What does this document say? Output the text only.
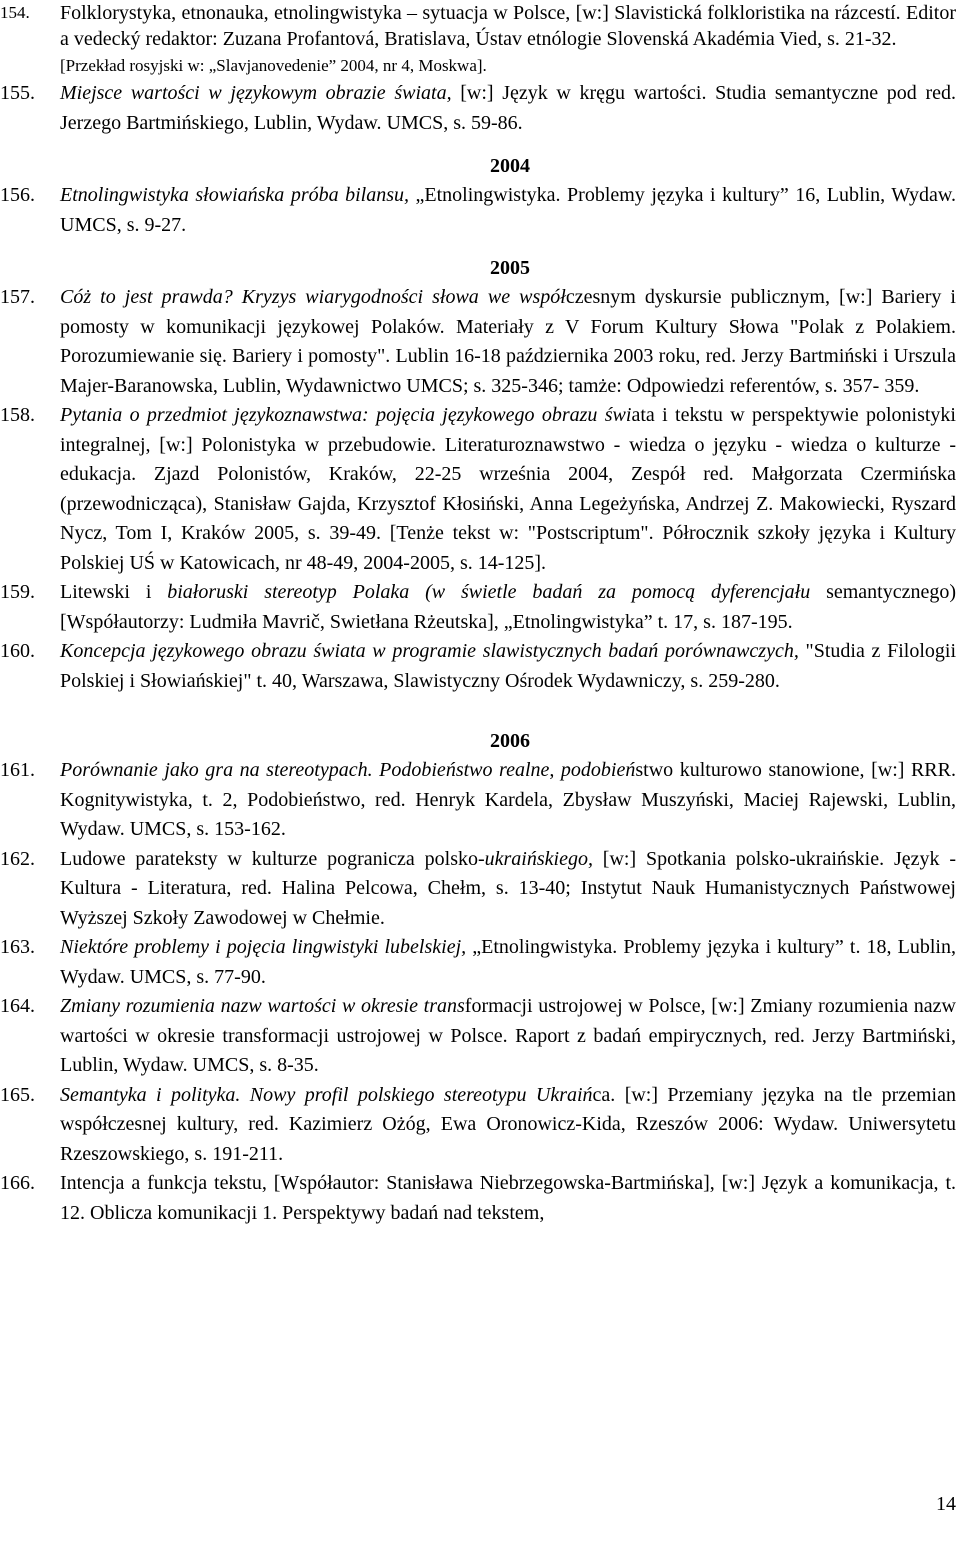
154.	Folklorystyka, etnonauka, etnolingwistyka – sytuacja w Polsce, [w:] Slavistická folkloristika na rázcestí. Editor a vedecký redaktor: Zuzana Profantová, Bratislava, Ústav etnólogie Slovenská Akadémia Vied, s. 21-32.
[Przekład rosyjski w: „Slavjanovedenie” 2004, nr 4, Moskwa].
155.	Miejsce wartości w językowym obrazie świata, [w:] Język w kręgu wartości. Studia semantyczne pod red. Jerzego Bartmińskiego, Lublin, Wydaw. UMCS, s. 59-86.
2004
156.	Etnolingwistyka słowiańska próba bilansu, „Etnolingwistyka. Problemy języka i kultury” 16, Lublin, Wydaw. UMCS, s. 9-27.
2005
157.	Cóż to jest prawda? Kryzys wiarygodności słowa we współczesnym dyskursie publicznym, [w:] Bariery i pomosty w komunikacji językowej Polaków. Materiały z V Forum Kultury Słowa "Polak z Polakiem. Porozumiewanie się. Bariery i pomosty". Lublin 16-18 października 2003 roku, red. Jerzy Bartmiński i Urszula Majer-Baranowska, Lublin, Wydawnictwo UMCS; s. 325-346; tamże: Odpowiedzi referentów, s. 357- 359.
158.	Pytania o przedmiot językoznawstwa: pojęcia językowego obrazu świata i tekstu w perspektywie polonistyki integralnej, [w:] Polonistyka w przebudowie. Literaturoznawstwo - wiedza o języku - wiedza o kulturze - edukacja. Zjazd Polonistów, Kraków, 22-25 września 2004, Zespół red. Małgorzata Czermińska (przewodnicząca), Stanisław Gajda, Krzysztof Kłosiński, Anna Legeżyńska, Andrzej Z. Makowiecki, Ryszard Nycz, Tom I, Kraków 2005, s. 39-49. [Tenże tekst w: "Postscriptum". Półrocznik szkoły języka i Kultury Polskiej UŚ w Katowicach, nr 48-49, 2004-2005, s. 14-125].
159.	Litewski i białoruski stereotyp Polaka (w świetle badań za pomocą dyferencjału semantycznego) [Współautorzy: Ludmiła Mavrič, Swietłana Rżeutska], „Etnolingwistyka” t. 17, s. 187-195.
160.	Koncepcja językowego obrazu świata w programie slawistycznych badań porównawczych, "Studia z Filologii Polskiej i Słowiańskiej" t. 40, Warszawa, Slawistyczny Ośrodek Wydawniczy, s. 259-280.
2006
161.	Porównanie jako gra na stereotypach. Podobieństwo realne, podobieństwo kulturowo stanowione, [w:] RRR. Kognitywistyka, t. 2, Podobieństwo, red. Henryk Kardela, Zbysław Muszyński, Maciej Rajewski, Lublin, Wydaw. UMCS, s. 153-162.
162.	Ludowe parateksty w kulturze pogranicza polsko-ukraińskiego, [w:] Spotkania polsko-ukraińskie. Język - Kultura - Literatura, red. Halina Pelcowa, Chełm, s. 13-40; Instytut Nauk Humanistycznych Państwowej Wyższej Szkoły Zawodowej w Chełmie.
163.	Niektóre problemy i pojęcia lingwistyki lubelskiej, „Etnolingwistyka. Problemy języka i kultury” t. 18, Lublin, Wydaw. UMCS, s. 77-90.
164.	Zmiany rozumienia nazw wartości w okresie transformacji ustrojowej w Polsce, [w:] Zmiany rozumienia nazw wartości w okresie transformacji ustrojowej w Polsce. Raport z badań empirycznych, red. Jerzy Bartmiński, Lublin, Wydaw. UMCS, s. 8-35.
165.	Semantyka i polityka. Nowy profil polskiego stereotypu Ukraińca. [w:] Przemiany języka na tle przemian współczesnej kultury, red. Kazimierz Ożóg, Ewa Oronowicz-Kida, Rzeszów 2006: Wydaw. Uniwersytetu Rzeszowskiego, s. 191-211.
166.	Intencja a funkcja tekstu, [Współautor: Stanisława Niebrzegowska-Bartmińska], [w:] Język a komunikacja, t. 12. Oblicza komunikacji 1. Perspektywy badań nad tekstem,
14
